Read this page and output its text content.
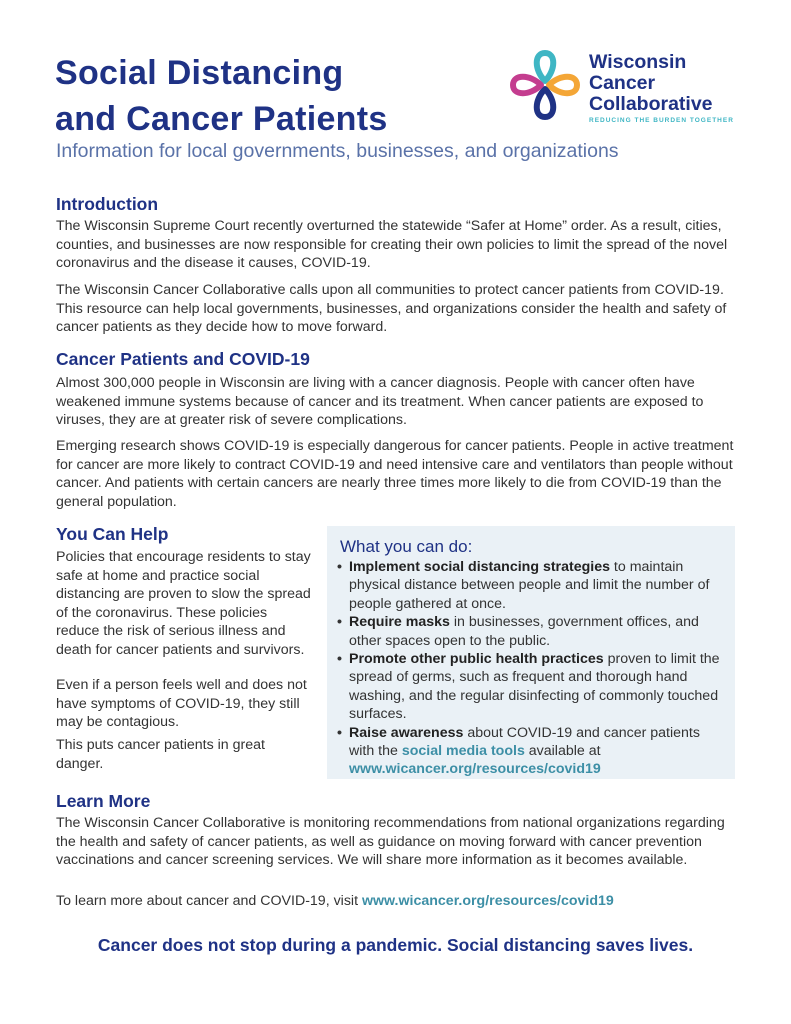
Social Distancing
and Cancer Patients

Information for local governments, businesses, and organizations

Wisconsin
Cancer
Collaborative
REDUCING THE BURDEN TOGETHER
Introduction

The Wisconsin Supreme Court recently overturned the statewide “Safer at Home” order. As a result, cities, counties, and businesses are now responsible for creating their own policies to limit the spread of the novel coronavirus and the disease it causes, COVID-19.

The Wisconsin Cancer Collaborative calls upon all communities to protect cancer patients from COVID-19. This resource can help local governments, businesses, and organizations consider the health and safety of cancer patients as they decide how to move forward.

Cancer Patients and COVID-19

Almost 300,000 people in Wisconsin are living with a cancer diagnosis. People with cancer often have weakened immune systems because of cancer and its treatment. When cancer patients are exposed to viruses, they are at greater risk of severe complications.

Emerging research shows COVID-19 is especially dangerous for cancer patients. People in active treatment for cancer are more likely to contract COVID-19 and need intensive care and ventilators than people without cancer. And patients with certain cancers are nearly three times more likely to die from COVID-19 than the general population.

You Can Help

Policies that encourage residents to stay safe at home and practice social distancing are proven to slow the spread of the coronavirus. These policies reduce the risk of serious illness and death for cancer patients and survivors.

Even if a person feels well and does not have symptoms of COVID-19, they still may be contagious.

This puts cancer patients in great danger.

What you can do:

• Implement social distancing strategies to maintain physical distance between people and limit the number of people gathered at once.
• Require masks in businesses, government offices, and other spaces open to the public.
• Promote other public health practices proven to limit the spread of germs, such as frequent and thorough hand washing, and the regular disinfecting of commonly touched surfaces.
• Raise awareness about COVID-19 and cancer patients with the social media tools available at www.wicancer.org/resources/covid19
Learn More

The Wisconsin Cancer Collaborative is monitoring recommendations from national organizations regarding the health and safety of cancer patients, as well as guidance on moving forward with cancer prevention vaccinations and cancer screening services. We will share more information as it becomes available.

To learn more about cancer and COVID-19, visit www.wicancer.org/resources/covid19

Cancer does not stop during a pandemic. Social distancing saves lives.
